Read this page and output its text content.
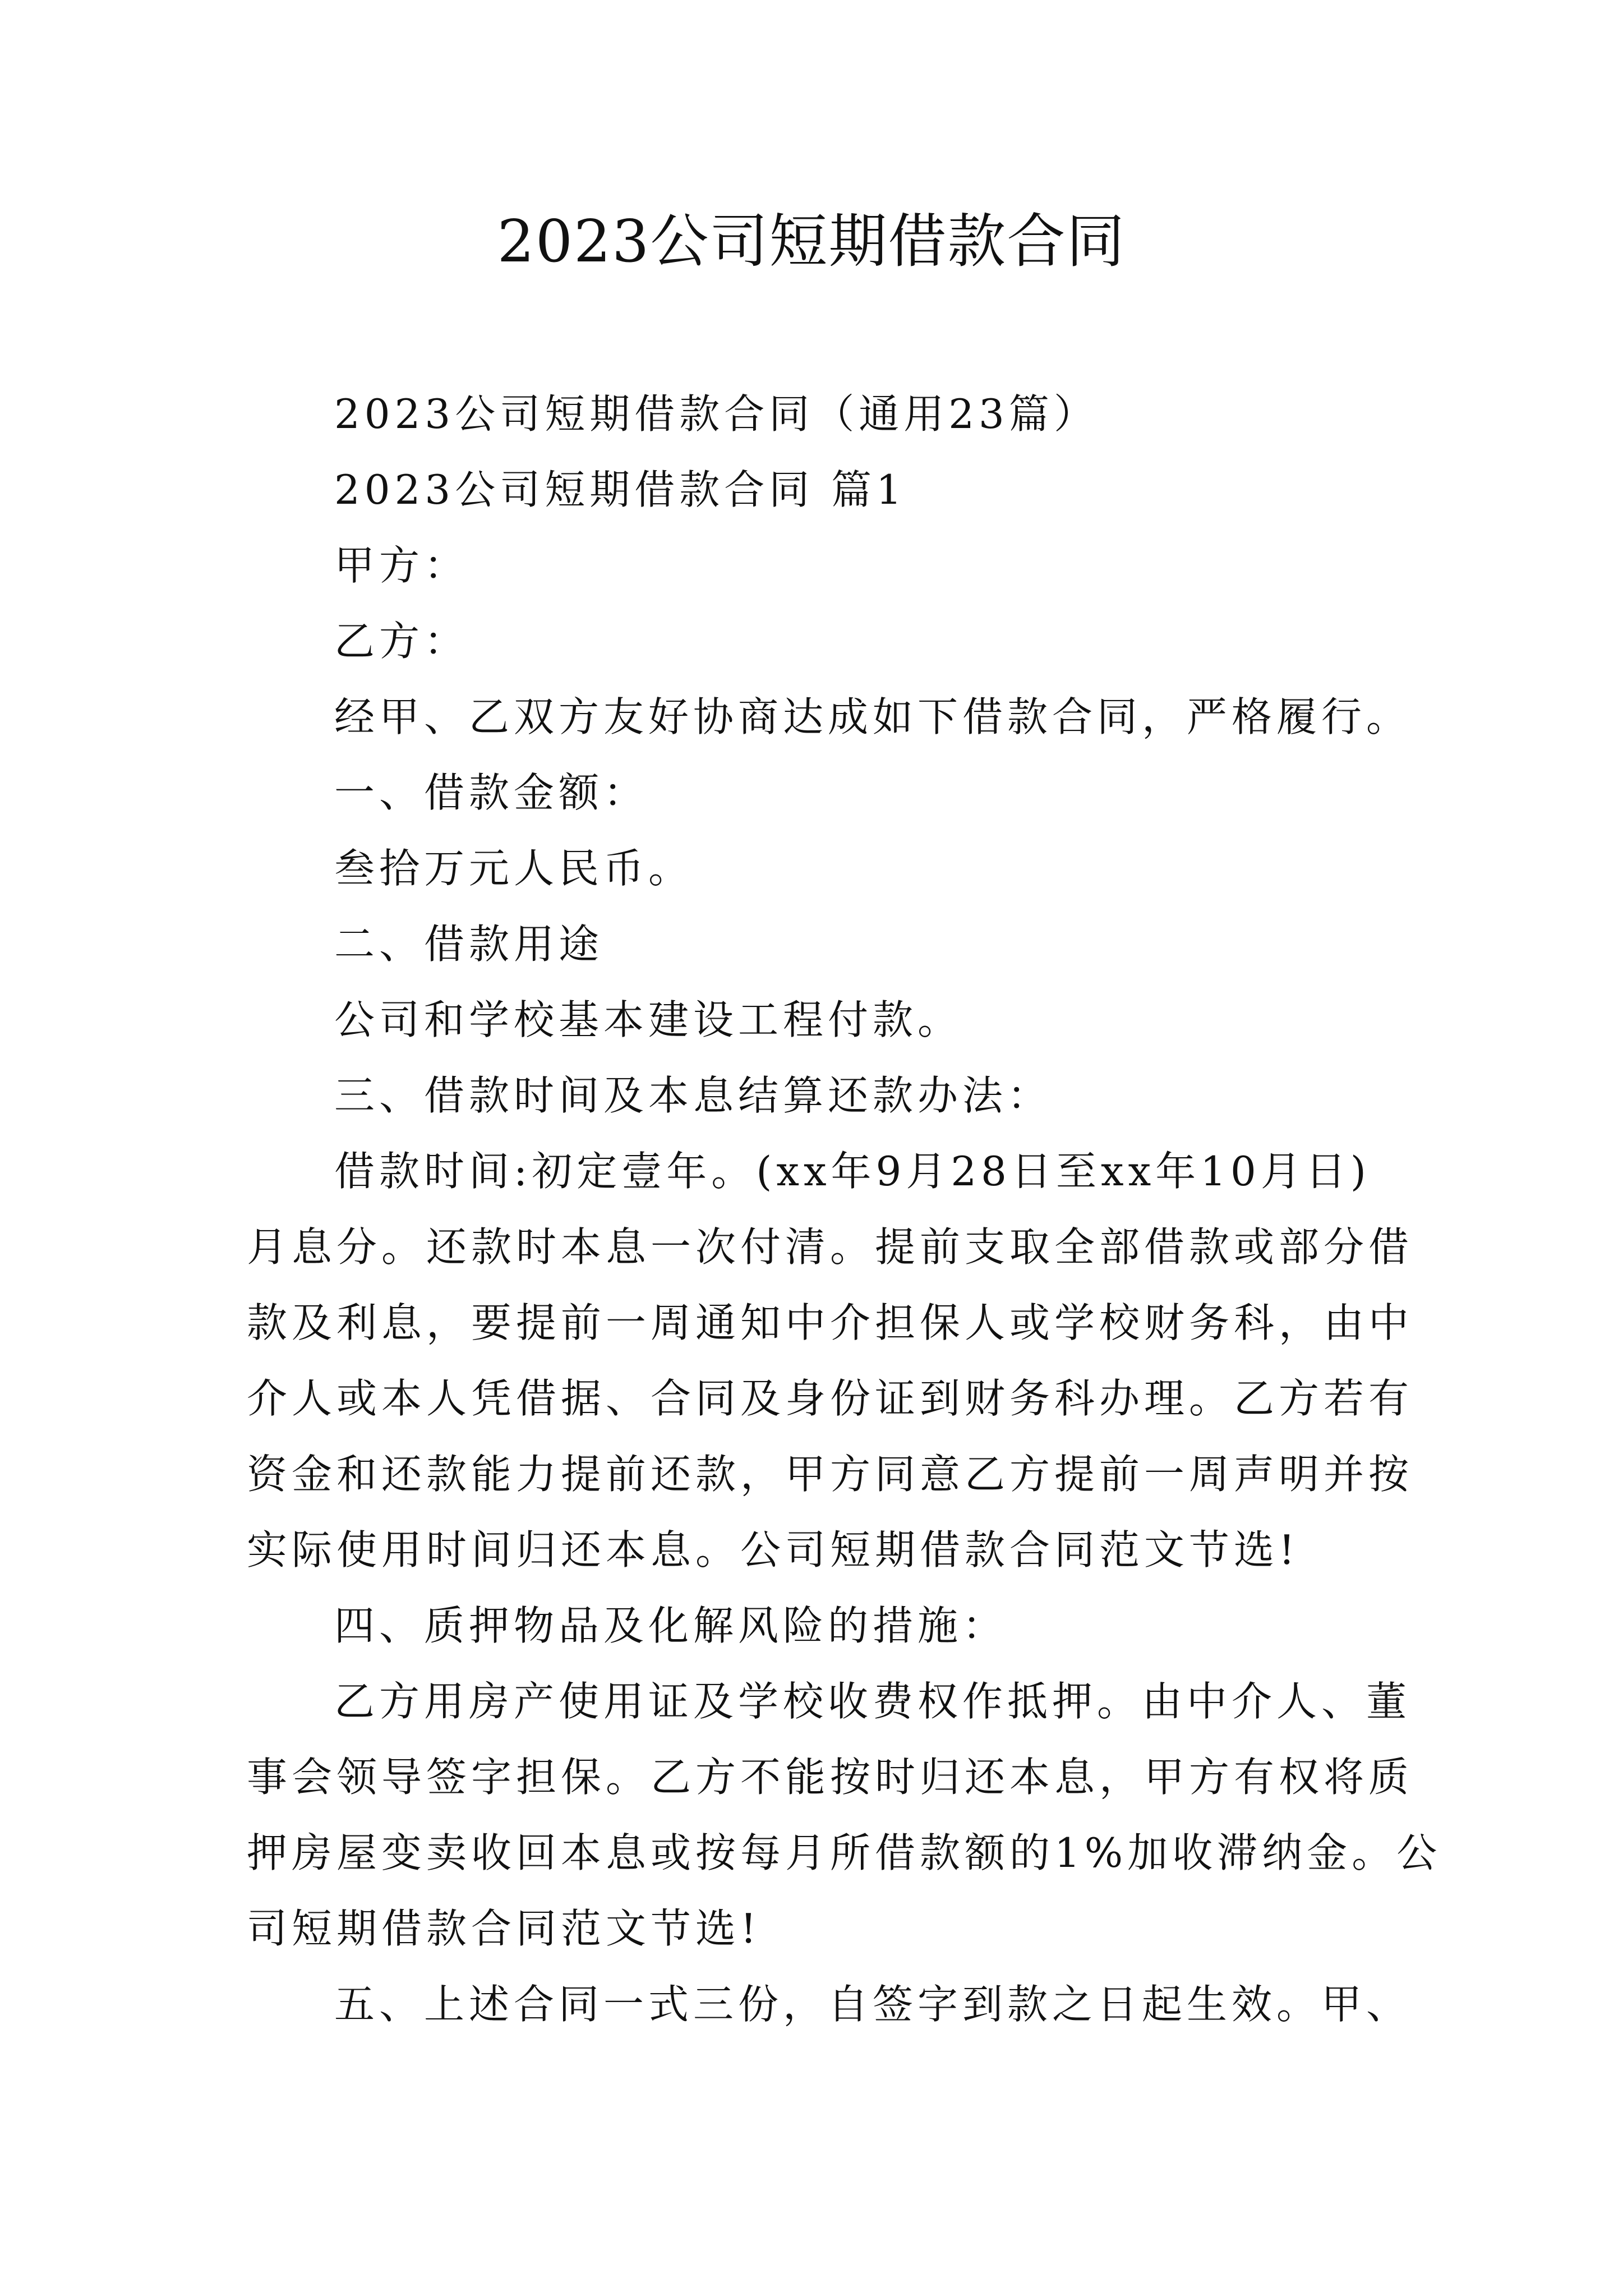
2023公司短期借款合同
2023公司短期借款合同（通用23篇）
2023公司短期借款合同 篇1
甲方：
乙方：
经甲、乙双方友好协商达成如下借款合同，严格履行。
一、借款金额：
叁拾万元人民币。
二、借款用途
公司和学校基本建设工程付款。
三、借款时间及本息结算还款办法：
借款时间:初定壹年。(xx年9月28日至xx年10月日)
月息分。还款时本息一次付清。提前支取全部借款或部分借
款及利息，要提前一周通知中介担保人或学校财务科，由中
介人或本人凭借据、合同及身份证到财务科办理。乙方若有
资金和还款能力提前还款，甲方同意乙方提前一周声明并按
实际使用时间归还本息。公司短期借款合同范文节选!
四、质押物品及化解风险的措施：
乙方用房产使用证及学校收费权作抵押。由中介人、董
事会领导签字担保。乙方不能按时归还本息，甲方有权将质
押房屋变卖收回本息或按每月所借款额的1%加收滞纳金。公
司短期借款合同范文节选!
五、上述合同一式三份，自签字到款之日起生效。甲、
